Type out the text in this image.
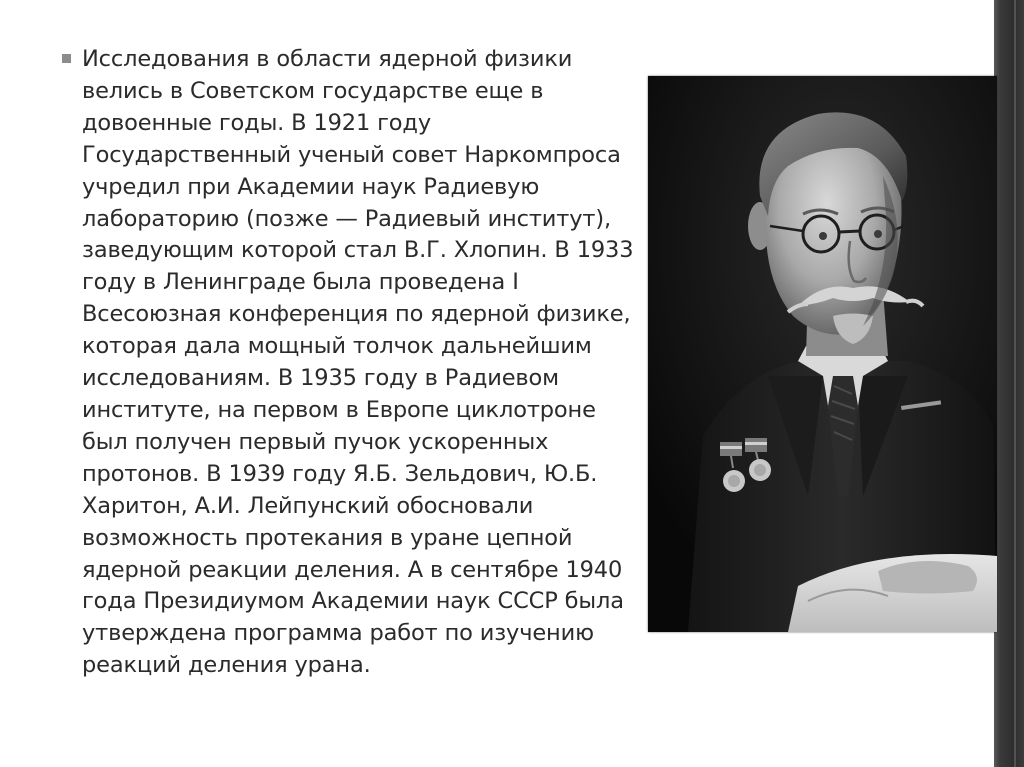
Исследования в области ядерной физики
велись в Советском государстве еще в
довоенные годы. В 1921 году
Государственный ученый совет Наркомпроса
учредил при Академии наук Радиевую
лабораторию (позже — Радиевый институт),
заведующим которой стал В.Г. Хлопин. В 1933
году в Ленинграде была проведена I
Всесоюзная конференция по ядерной физике,
которая дала мощный толчок дальнейшим
исследованиям. В 1935 году в Радиевом
институте, на первом в Европе циклотроне
был получен первый пучок ускоренных
протонов. В 1939 году Я.Б. Зельдович, Ю.Б.
Харитон, А.И. Лейпунский обосновали
возможность протекания в уране цепной
ядерной реакции деления. А в сентябре 1940
года Президиумом Академии наук СССР была
утверждена программа работ по изучению
реакций деления урана.
